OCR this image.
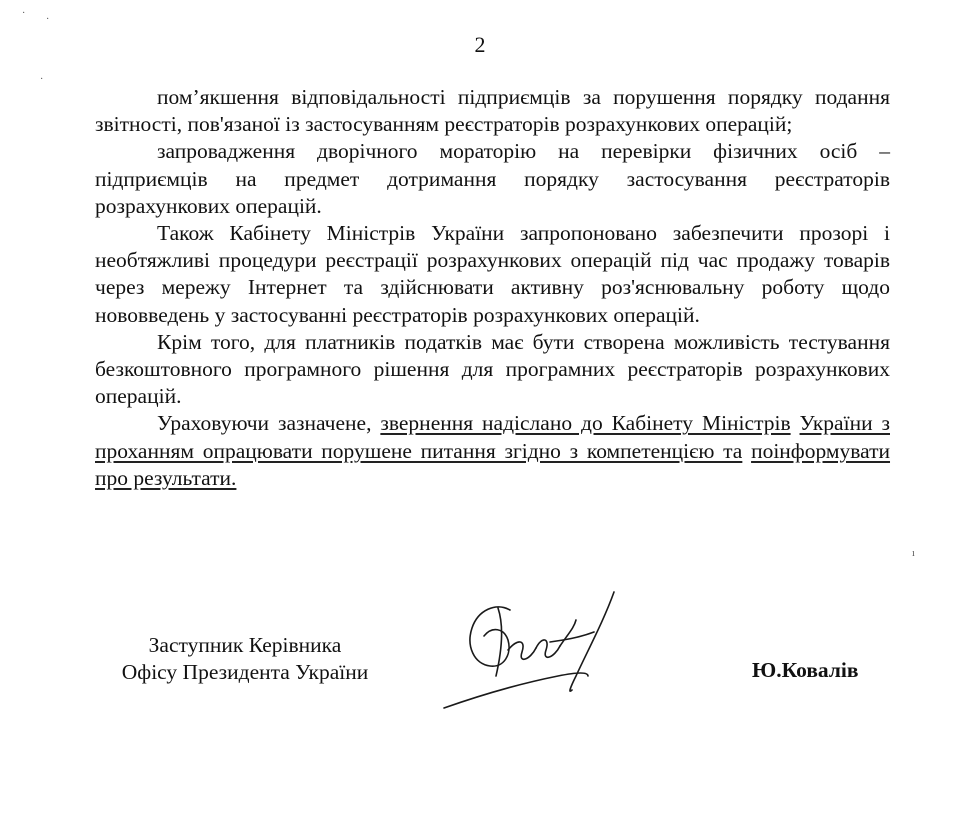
·
·
·
ı
2

пом’якшення відповідальності підприємців за порушення порядку подання звітності, пов'язаної із застосуванням реєстраторів розрахункових операцій;

запровадження дворічного мораторію на перевірки фізичних осіб – підприємців на предмет дотримання порядку застосування реєстраторів розрахункових операцій.

Також Кабінету Міністрів України запропоновано забезпечити прозорі і необтяжливі процедури реєстрації розрахункових операцій під час продажу товарів через мережу Інтернет та здійснювати активну роз'яснювальну роботу щодо нововведень у застосуванні реєстраторів розрахункових операцій.

Крім того, для платників податків має бути створена можливість тестування безкоштовного програмного рішення для програмних реєстраторів розрахункових операцій.

Ураховуючи зазначене, звернення надіслано до Кабінету Міністрів України з проханням опрацювати порушене питання згідно з компетенцією та поінформувати про результати.

Заступник Керівника
Офісу Президента України	Ю.Ковалів
